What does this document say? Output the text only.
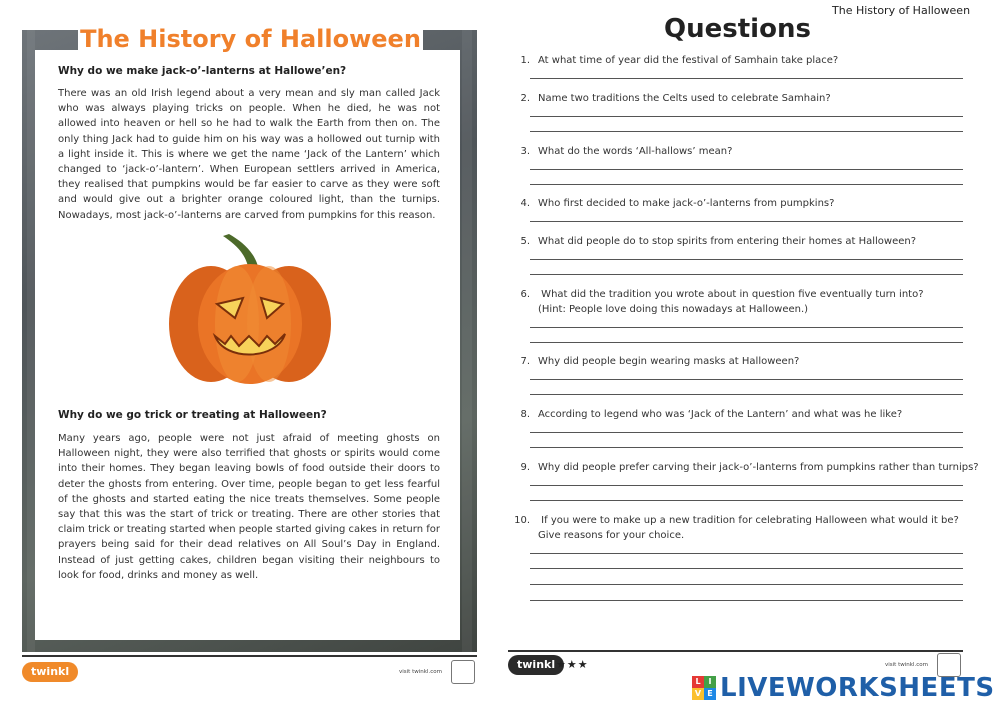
The History of Halloween
Why do we make jack-o’-lanterns at Hallowe’en?
There was an old Irish legend about a very mean and sly man called Jack who was always playing tricks on people. When he died, he was not allowed into heaven or hell so he had to walk the Earth from then on. The only thing Jack had to guide him on his way was a hollowed out turnip with a light inside it. This is where we get the name ‘Jack of the Lantern’ which changed to ‘jack-o’-lantern’. When European settlers arrived in America, they realised that pumpkins would be far easier to carve as they were soft and would give out a brighter orange coloured light, than the turnips. Nowadays, most jack-o’-lanterns are carved from pumpkins for this reason.
Why do we go trick or treating at Halloween?
Many years ago, people were not just afraid of meeting ghosts on Halloween night, they were also terrified that ghosts or spirits would come into their homes. They began leaving bowls of food outside their doors to deter the ghosts from entering. Over time, people began to get less fearful of the ghosts and started eating the nice treats themselves. Some people say that this was the start of trick or treating. There are other stories that claim trick or treating started when people started giving cakes in return for prayers being said for their dead relatives on All Soul’s Day in England. Instead of just getting cakes, children began visiting their neighbours to look for food, drinks and money as well.
twinkl	visit twinkl.com
The History of Halloween
Questions
1. At what time of year did the festival of Samhain take place?
2. Name two traditions the Celts used to celebrate Samhain?
3. What do the words ‘All-hallows’ mean?
4. Who first decided to make jack-o’-lanterns from pumpkins?
5. What did people do to stop spirits from entering their homes at Halloween?
6. What did the tradition you wrote about in question five eventually turn into?
(Hint: People love doing this nowadays at Halloween.)
7. Why did people begin wearing masks at Halloween?
8. According to legend who was ‘Jack of the Lantern’ and what was he like?
9. Why did people prefer carving their jack-o’-lanterns from pumpkins rather than turnips?
10. If you were to make up a new tradition for celebrating Halloween what would it be?
Give reasons for your choice.
twinkl ★★★	visit twinkl.com
L I
V E LIVEWORKSHEETS
